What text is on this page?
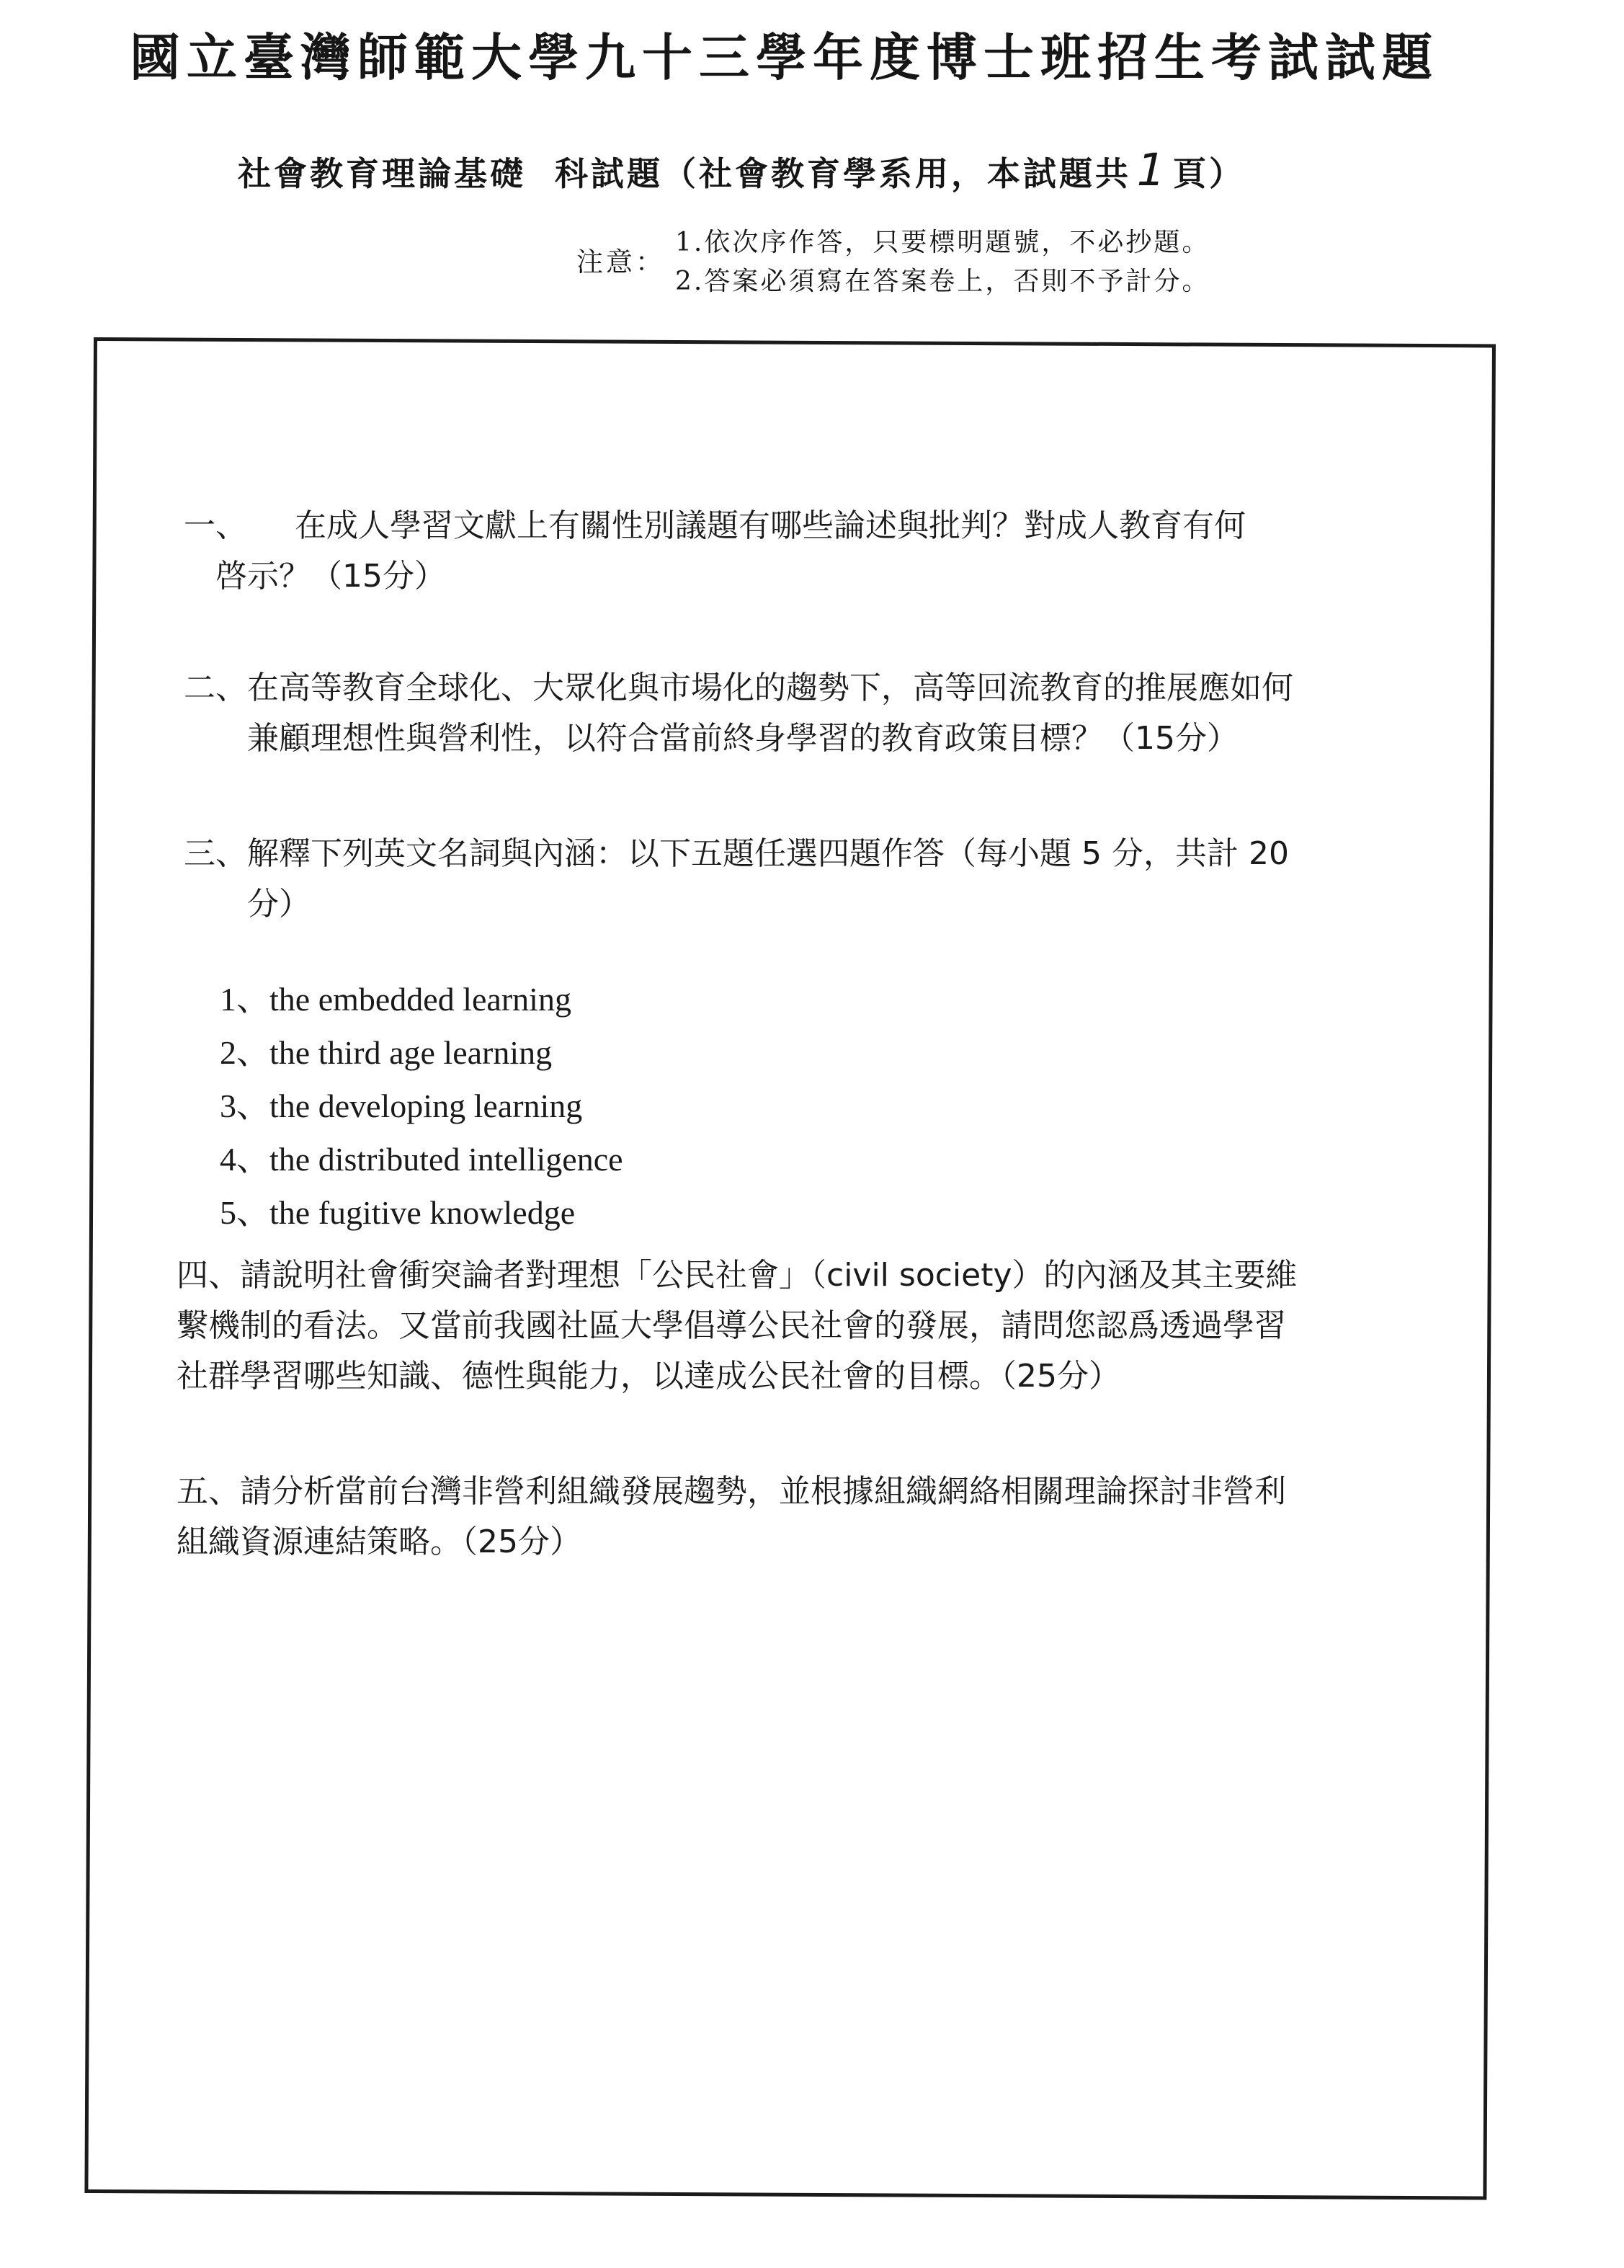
國立臺灣師範大學九十三學年度博士班招生考試試題
社會教育理論基礎 科試題（社會教育學系用，本試題共1頁）
注意：
1.依次序作答，只要標明題號，不必抄題。
2.答案必須寫在答案卷上，否則不予計分。
一、　　在成人學習文獻上有關性別議題有哪些論述與批判？對成人教育有何
　啓示？（15分）
二、在高等教育全球化、大眾化與市場化的趨勢下，高等回流教育的推展應如何
　　兼顧理想性與營利性，以符合當前終身學習的教育政策目標？（15分）
三、解釋下列英文名詞與內涵：以下五題任選四題作答（每小題 5 分，共計 20
　　分）
1、the embedded learning
2、the third age learning
3、the developing learning
4、the distributed intelligence
5、the fugitive knowledge
四、請說明社會衝突論者對理想「公民社會」（civil society）的內涵及其主要維
繫機制的看法。又當前我國社區大學倡導公民社會的發展，請問您認爲透過學習
社群學習哪些知識、德性與能力，以達成公民社會的目標。（25分）
五、請分析當前台灣非營利組織發展趨勢，並根據組織網絡相關理論探討非營利
組織資源連結策略。（25分）
